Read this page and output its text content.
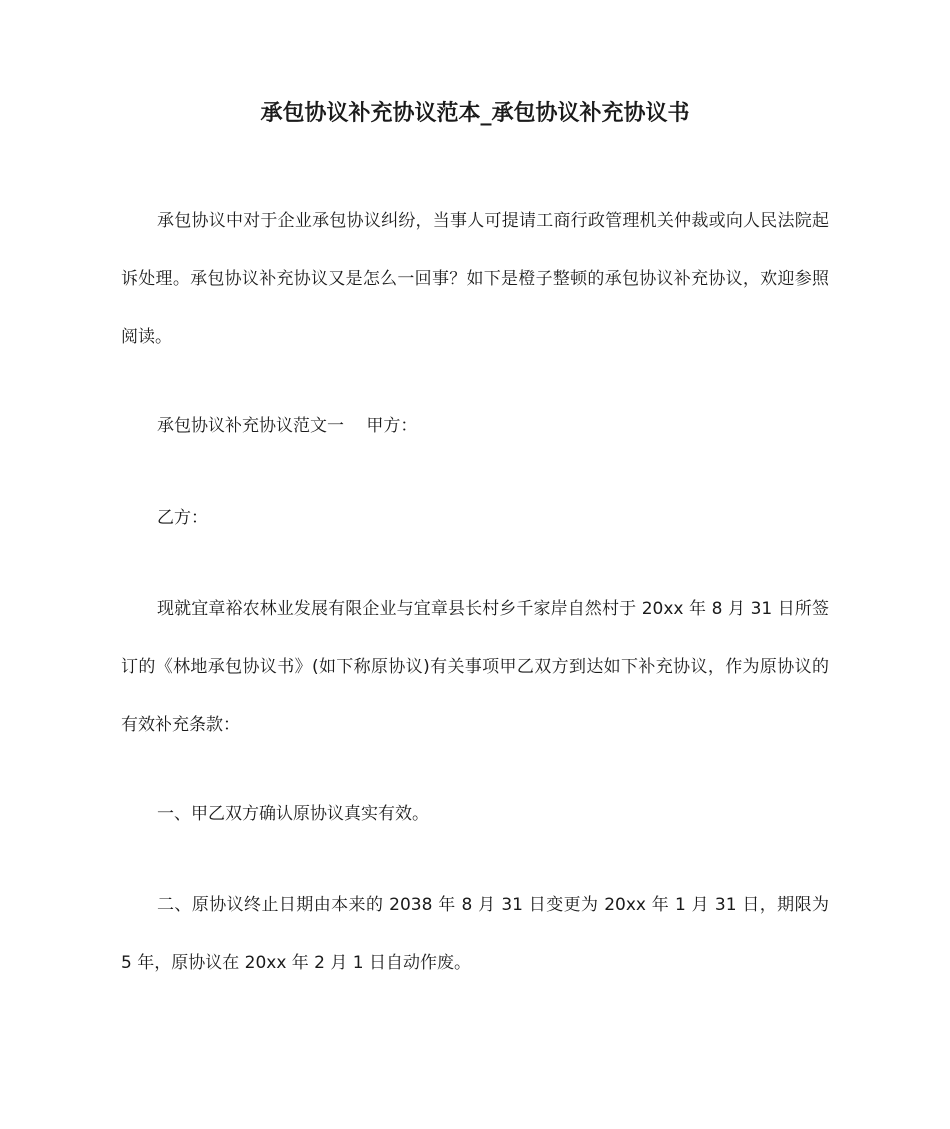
承包协议补充协议范本_承包协议补充协议书

承包协议中对于企业承包协议纠纷，当事人可提请工商行政管理机关仲裁或向人民法院起诉处理。承包协议补充协议又是怎么一回事？如下是橙子整顿的承包协议补充协议，欢迎参照阅读。

承包协议补充协议范文一　 甲方：

乙方：

现就宜章裕农林业发展有限企业与宜章县长村乡千家岸自然村于 20xx 年 8 月 31 日所签订的《林地承包协议书》(如下称原协议)有关事项甲乙双方到达如下补充协议，作为原协议的有效补充条款：

一、甲乙双方确认原协议真实有效。

二、原协议终止日期由本来的 2038 年 8 月 31 日变更为 20xx 年 1 月 31 日，期限为 5 年，原协议在 20xx 年 2 月 1 日自动作废。
